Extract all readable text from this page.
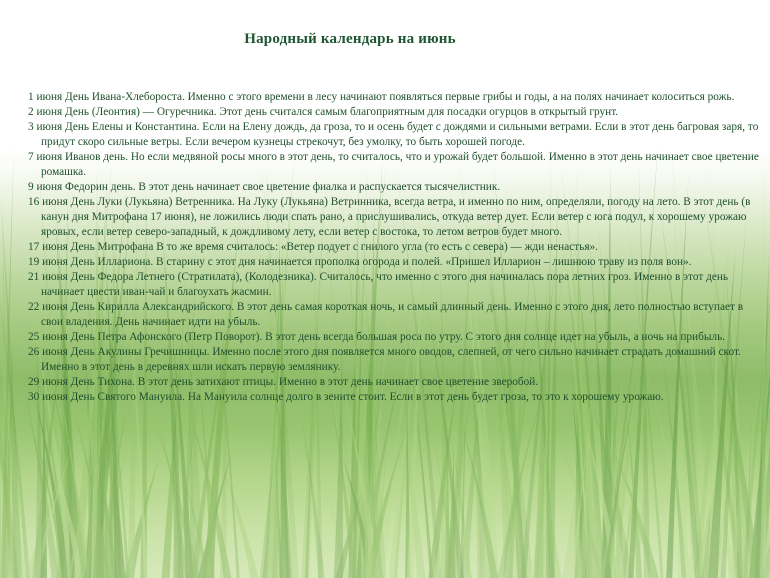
Народный календарь на июнь

1 июня День Ивана-Хлебороста. Именно с этого времени в лесу начинают появляться первые грибы и годы, а на полях начинает колоситься рожь.

2 июня День (Леонтия) — Огуречника. Этот день считался самым благоприятным для посадки огурцов в открытый грунт.

3 июня День Елены и Константина. Если на Елену дождь, да гроза, то и осень будет с дождями и сильными ветрами. Если в этот день багровая заря, то придут скоро сильные ветры. Если вечером кузнецы стрекочут, без умолку, то быть хорошей погоде.

7 июня Иванов день. Но если медвяной росы много в этот день, то считалось, что и урожай будет большой. Именно в этот день начинает свое цветение ромашка.

9 июня Федорин день. В этот день начинает свое цветение фиалка и распускается тысячелистник.

16 июня День Луки (Лукьяна) Ветренника. На Луку (Лукьяна) Ветринника, всегда ветра, и именно по ним, определяли, погоду на лето. В этот день (в канун дня Митрофана 17 июня), не ложились люди спать рано, а прислушивались, откуда ветер дует. Если ветер с юга подул, к хорошему урожаю яровых, если ветер северо-западный, к дождливому лету, если ветер с востока, то летом ветров будет много.

17 июня День Митрофана В то же время считалось: «Ветер подует с гнилого угла (то есть с севера) — жди ненастья».

19 июня День Иллариона. В старину с этот дня начинается прополка огорода и полей. «Пришел Илларион – лишнюю траву из поля вон».

21 июня День Федора Летнего (Стратилата), (Колодезника). Считалось, что именно с этого дня начиналась пора летних гроз. Именно в этот день начинает цвести иван-чай и благоухать жасмин.

22 июня День Кирилла Александрийского. В этот день самая короткая ночь, и самый длинный день. Именно с этого дня, лето полностью вступает в свои владения. День начинает идти на убыль.

25 июня День Петра Афонского (Петр Поворот). В этот день всегда большая роса по утру. С этого дня солнце идет на убыль, а ночь на прибыль.

26 июня День Акулины Гречишницы. Именно после этого дня появляется много оводов, слепней, от чего сильно начинает страдать домашний скот. Именно в этот день в деревнях шли искать первую землянику.

29 июня День Тихона. В этот день затихают птицы. Именно в этот день начинает свое цветение зверобой.

30 июня День Святого Мануила. На Мануила солнце долго в зените стоит. Если в этот день будет гроза, то это к хорошему урожаю.
